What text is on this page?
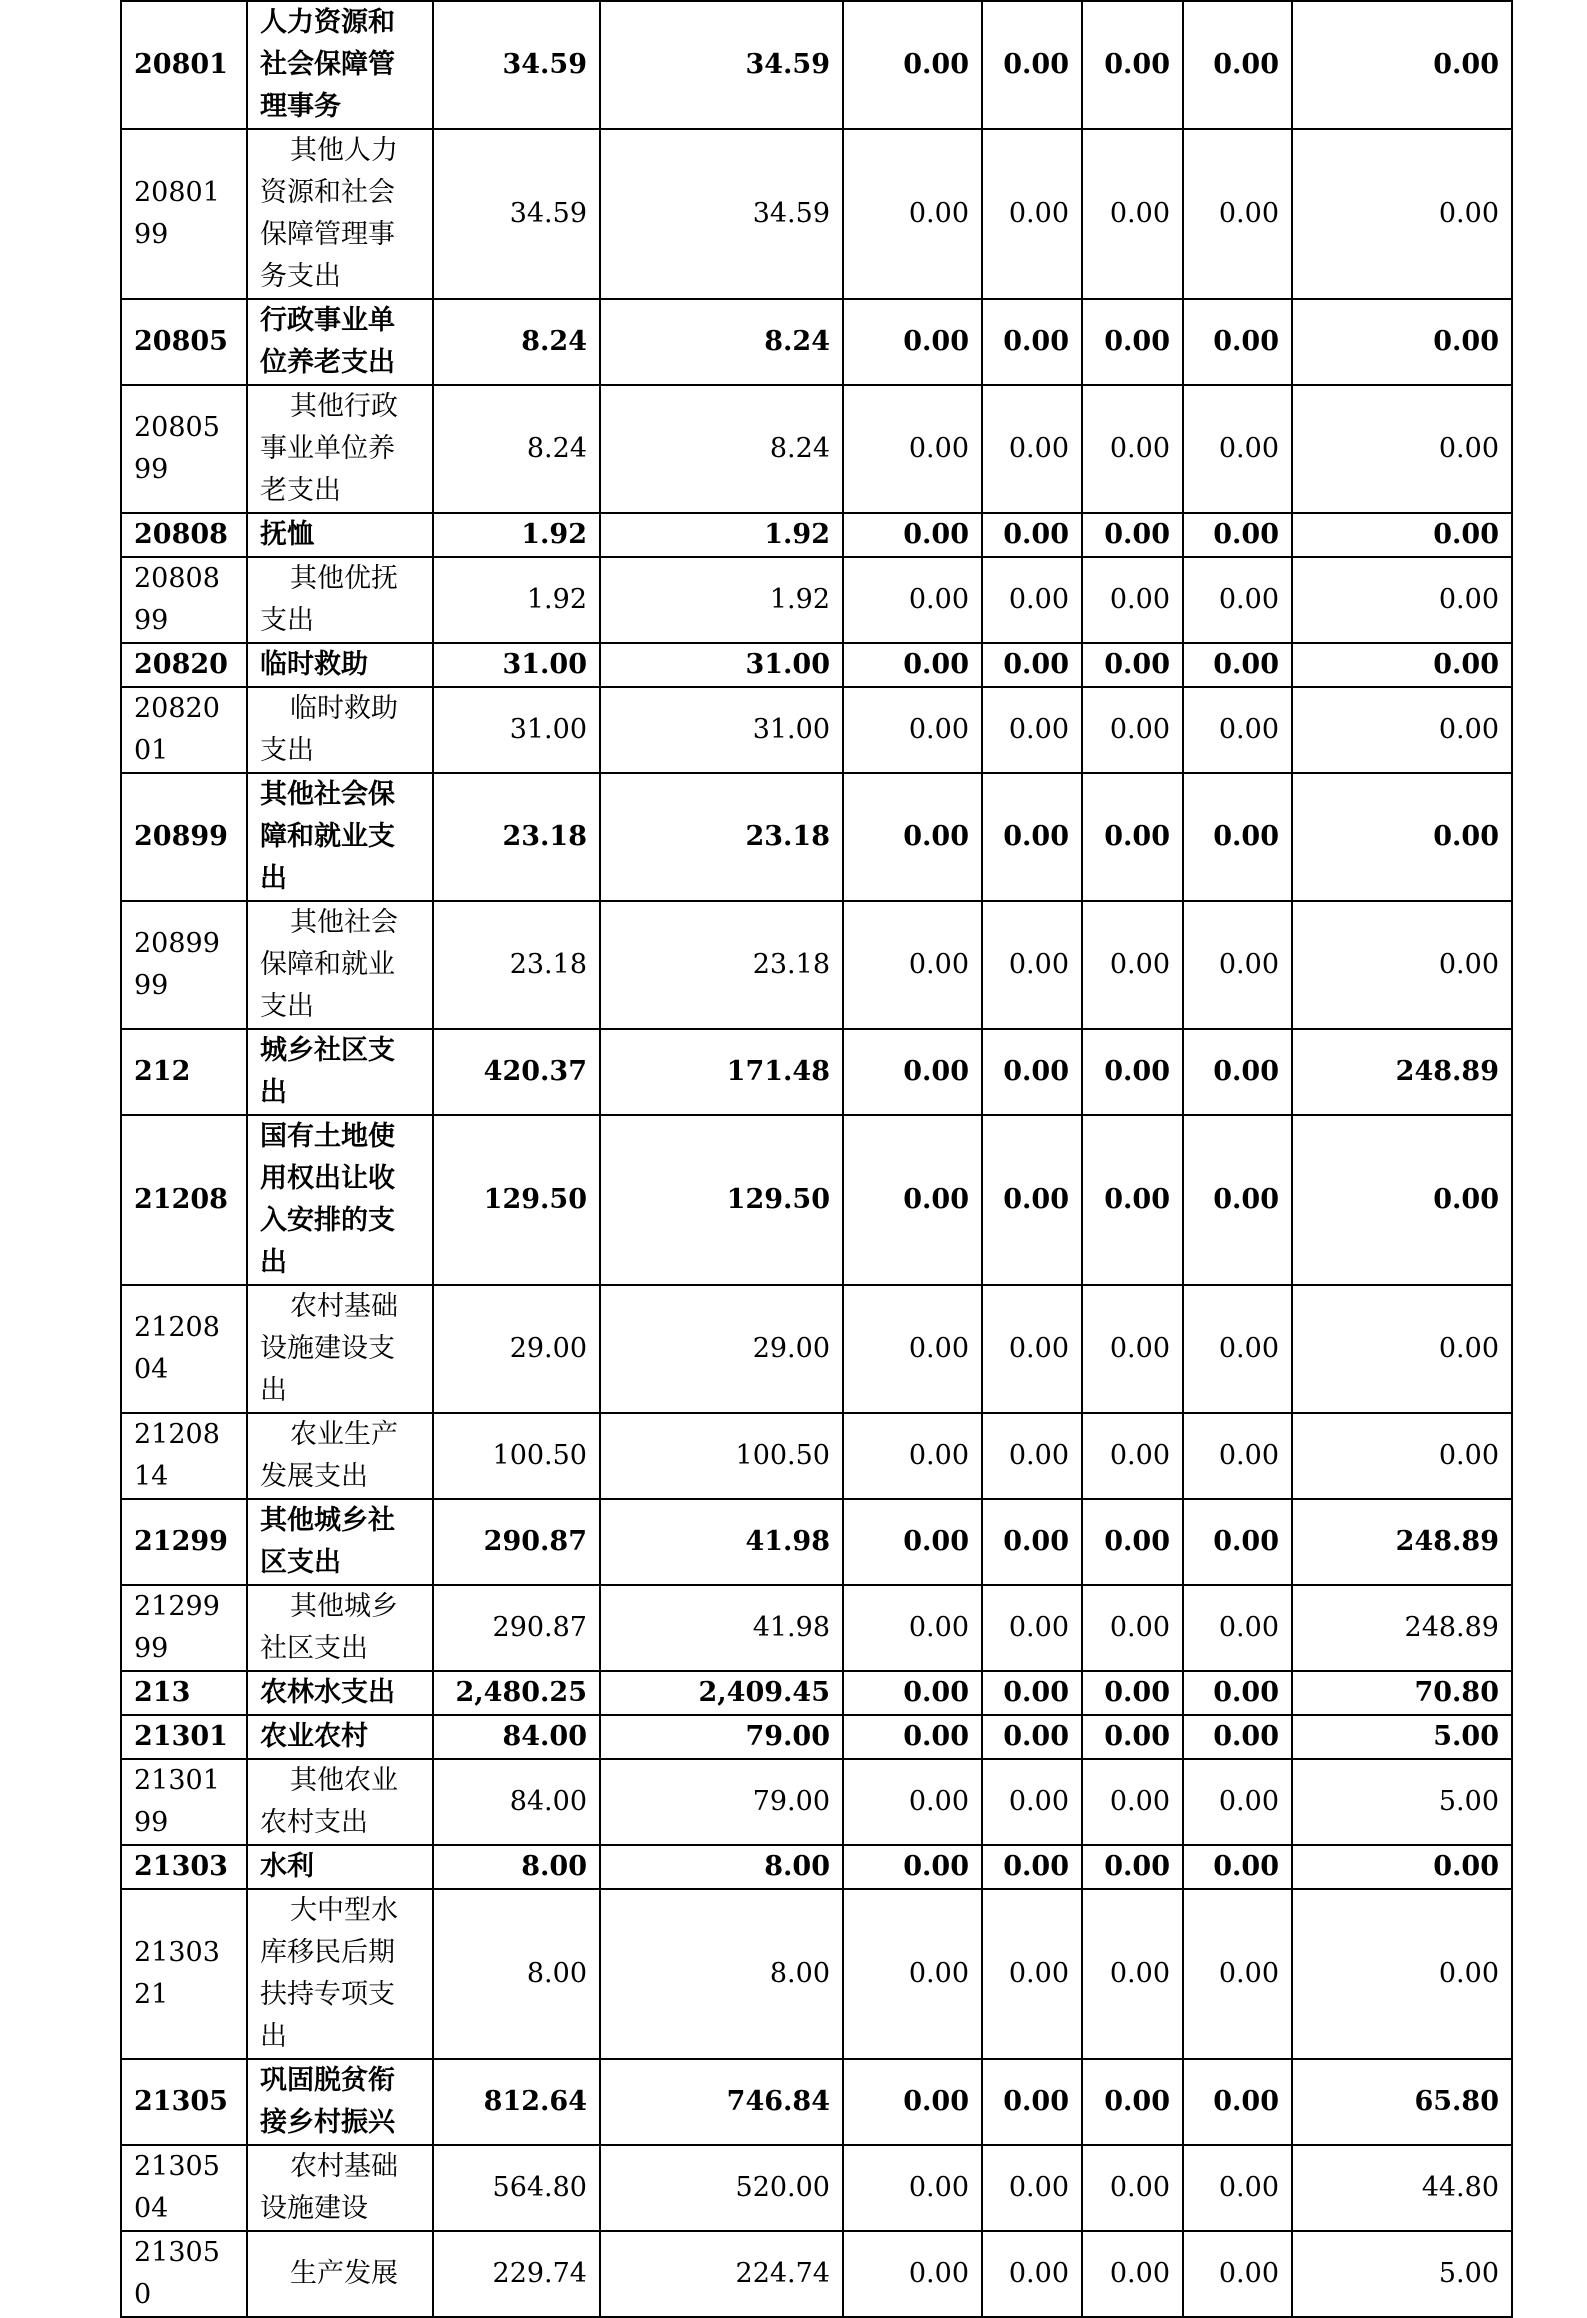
20801	人力资源和社会保障管理事务	34.59	34.59	0.00	0.00	0.00	0.00	0.00
2080199	其他人力资源和社会保障管理事务支出	34.59	34.59	0.00	0.00	0.00	0.00	0.00
20805	行政事业单位养老支出	8.24	8.24	0.00	0.00	0.00	0.00	0.00
2080599	其他行政事业单位养老支出	8.24	8.24	0.00	0.00	0.00	0.00	0.00
20808	抚恤	1.92	1.92	0.00	0.00	0.00	0.00	0.00
2080899	其他优抚支出	1.92	1.92	0.00	0.00	0.00	0.00	0.00
20820	临时救助	31.00	31.00	0.00	0.00	0.00	0.00	0.00
2082001	临时救助支出	31.00	31.00	0.00	0.00	0.00	0.00	0.00
20899	其他社会保障和就业支出	23.18	23.18	0.00	0.00	0.00	0.00	0.00
2089999	其他社会保障和就业支出	23.18	23.18	0.00	0.00	0.00	0.00	0.00
212	城乡社区支出	420.37	171.48	0.00	0.00	0.00	0.00	248.89
21208	国有土地使用权出让收入安排的支出	129.50	129.50	0.00	0.00	0.00	0.00	0.00
2120804	农村基础设施建设支出	29.00	29.00	0.00	0.00	0.00	0.00	0.00
2120814	农业生产发展支出	100.50	100.50	0.00	0.00	0.00	0.00	0.00
21299	其他城乡社区支出	290.87	41.98	0.00	0.00	0.00	0.00	248.89
2129999	其他城乡社区支出	290.87	41.98	0.00	0.00	0.00	0.00	248.89
213	农林水支出	2,480.25	2,409.45	0.00	0.00	0.00	0.00	70.80
21301	农业农村	84.00	79.00	0.00	0.00	0.00	0.00	5.00
2130199	其他农业农村支出	84.00	79.00	0.00	0.00	0.00	0.00	5.00
21303	水利	8.00	8.00	0.00	0.00	0.00	0.00	0.00
2130321	大中型水库移民后期扶持专项支出	8.00	8.00	0.00	0.00	0.00	0.00	0.00
21305	巩固脱贫衔接乡村振兴	812.64	746.84	0.00	0.00	0.00	0.00	65.80
2130504	农村基础设施建设	564.80	520.00	0.00	0.00	0.00	0.00	44.80
213050	生产发展	229.74	224.74	0.00	0.00	0.00	0.00	5.00
